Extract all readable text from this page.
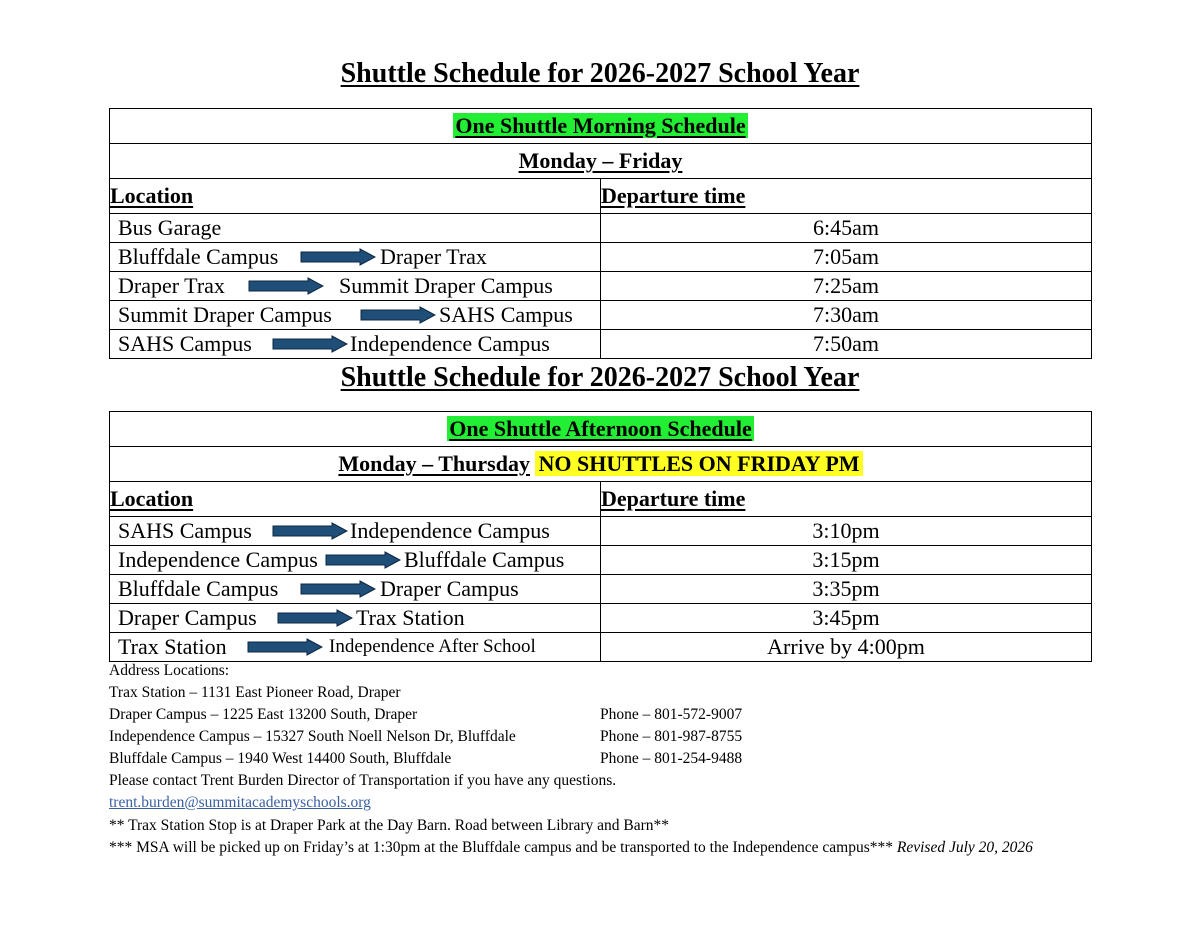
Shuttle Schedule for 2026-2027 School Year
One Shuttle Morning Schedule	
Monday – Friday	
Location	Departure time

Bus Garage	6:45am

Bluffdale Campus Draper Trax	7:05am

Draper Trax Summit Draper Campus	7:25am

Summit Draper Campus SAHS Campus	7:30am

SAHS Campus Independence Campus	7:50am
Shuttle Schedule for 2026-2027 School Year
One Shuttle Afternoon Schedule	
Monday – Thursday NO SHUTTLES ON FRIDAY PM	
Location	Departure time

SAHS Campus Independence Campus	3:10pm

Independence Campus Bluffdale Campus	3:15pm

Bluffdale Campus Draper Campus	3:35pm

Draper Campus Trax Station	3:45pm

Trax Station Independence After School	Arrive by 4:00pm
Address Locations:
Trax Station – 1131 East Pioneer Road, Draper
Draper Campus – 1225 East 13200 South, Draper	Phone – 801-572-9007
Independence Campus – 15327 South Noell Nelson Dr, Bluffdale	Phone – 801-987-8755
Bluffdale Campus – 1940 West 14400 South, Bluffdale	Phone – 801-254-9488
Please contact Trent Burden Director of Transportation if you have any questions.
trent.burden@summitacademyschools.org
** Trax Station Stop is at Draper Park at the Day Barn. Road between Library and Barn**
*** MSA will be picked up on Friday’s at 1:30pm at the Bluffdale campus and be transported to the Independence campus*** Revised July 20, 2026
